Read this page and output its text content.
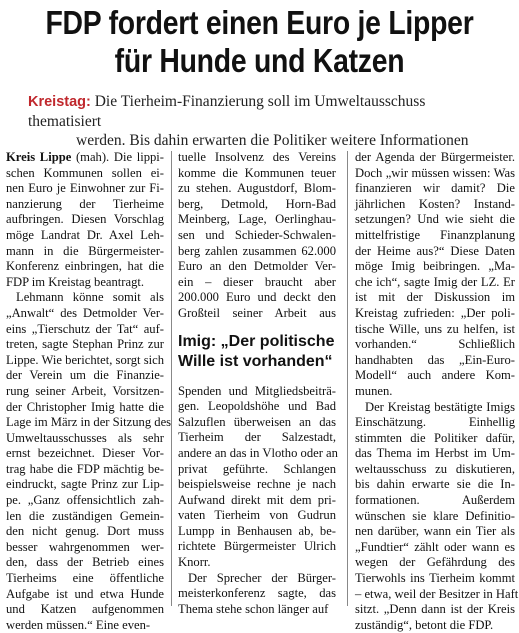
FDP fordert einen Euro je Lipper
für Hunde und Katzen
Kreistag: Die Tierheim-Finanzierung soll im Umweltausschuss thematisiert
werden. Bis dahin erwarten die Politiker weitere Informationen
Kreis Lippe (mah). Die lippi-
schen Kommunen sollen ei-
nen Euro je Einwohner zur Fi-
nanzierung der Tierheime
aufbringen. Diesen Vorschlag
möge Landrat Dr. Axel Leh-
mann in die Bürgermeister-
Konferenz einbringen, hat die
FDP im Kreistag beantragt.
Lehmann könne somit als
„Anwalt“ des Detmolder Ver-
eins „Tierschutz der Tat“ auf-
treten, sagte Stephan Prinz zur
Lippe. Wie berichtet, sorgt sich
der Verein um die Finanzie-
rung seiner Arbeit, Vorsitzen-
der Christopher Imig hatte die
Lage im März in der Sitzung des
Umweltausschusses als sehr
ernst bezeichnet. Dieser Vor-
trag habe die FDP mächtig be-
eindruckt, sagte Prinz zur Lip-
pe. „Ganz offensichtlich zah-
len die zuständigen Gemein-
den nicht genug. Dort muss
besser wahrgenommen wer-
den, dass der Betrieb eines
Tierheims eine öffentliche
Aufgabe ist und etwa Hunde
und Katzen aufgenommen
werden müssen.“ Eine even-
tuelle Insolvenz des Vereins
komme die Kommunen teuer
zu stehen. Augustdorf, Blom-
berg, Detmold, Horn-Bad
Meinberg, Lage, Oerlinghau-
sen und Schieder-Schwalen-
berg zahlen zusammen 62.000
Euro an den Detmolder Ver-
ein – dieser braucht aber
200.000 Euro und deckt den
Großteil seiner Arbeit aus
Imig: „Der politische
Wille ist vorhanden“
Spenden und Mitgliedsbeiträ-
gen. Leopoldshöhe und Bad
Salzuflen überweisen an das
Tierheim der Salzestadt,
andere an das in Vlotho oder an
privat geführte. Schlangen
beispielsweise rechne je nach
Aufwand direkt mit dem pri-
vaten Tierheim von Gudrun
Lumpp in Benhausen ab, be-
richtete Bürgermeister Ulrich
Knorr.
Der Sprecher der Bürger-
meisterkonferenz sagte, das
Thema stehe schon länger auf
der Agenda der Bürgermeister.
Doch „wir müssen wissen: Was
finanzieren wir damit? Die
jährlichen Kosten? Instand-
setzungen? Und wie sieht die
mittelfristige Finanzplanung
der Heime aus?“ Diese Daten
möge Imig beibringen. „Ma-
che ich“, sagte Imig der LZ. Er
ist mit der Diskussion im
Kreistag zufrieden: „Der poli-
tische Wille, uns zu helfen, ist
vorhanden.“ Schließlich
handhabten das „Ein-Euro-
Modell“ auch andere Kom-
munen.
Der Kreistag bestätigte Imigs
Einschätzung. Einhellig
stimmten die Politiker dafür,
das Thema im Herbst im Um-
weltausschuss zu diskutieren,
bis dahin erwarte sie die In-
formationen. Außerdem
wünschen sie klare Definitio-
nen darüber, wann ein Tier als
„Fundtier“ zählt oder wann es
wegen der Gefährdung des
Tierwohls ins Tierheim kommt
– etwa, weil der Besitzer in Haft
sitzt. „Denn dann ist der Kreis
zuständig“, betont die FDP.
